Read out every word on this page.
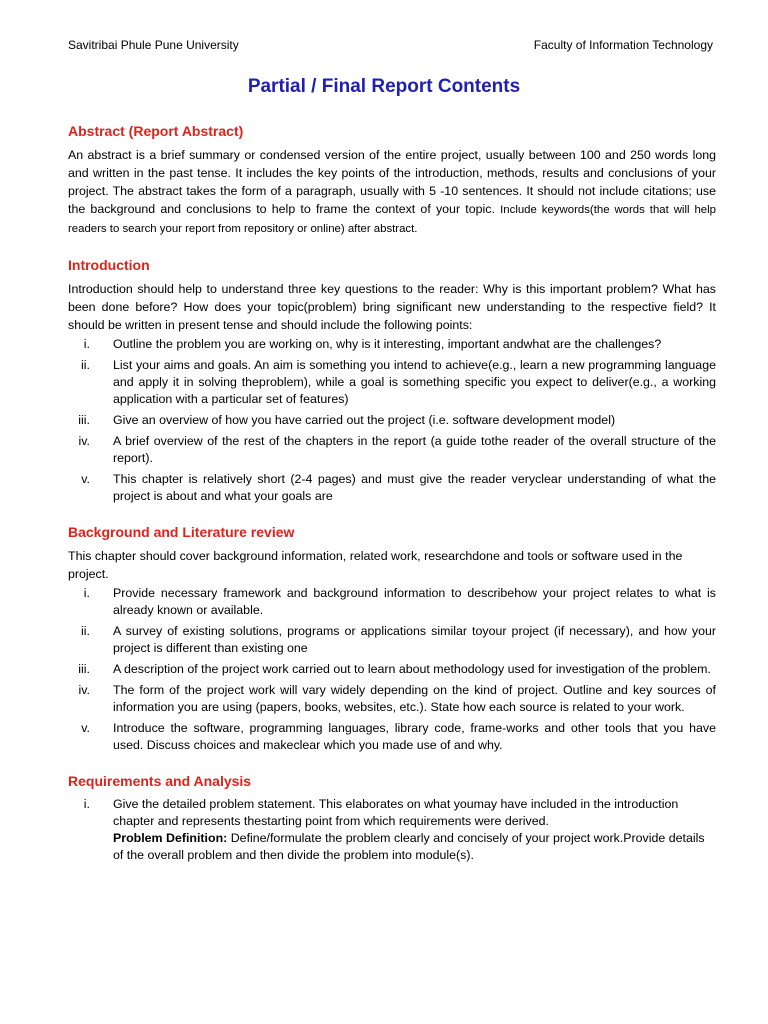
Savitribai Phule Pune University	Faculty of Information Technology
Partial / Final Report Contents
Abstract (Report Abstract)

An abstract is a brief summary or condensed version of the entire project, usually between 100 and 250 words long and written in the past tense. It includes the key points of the introduction, methods, results and conclusions of your project. The abstract takes the form of a paragraph, usually with 5 -10 sentences. It should not include citations; use the background and conclusions to help to frame the context of your topic. Include keywords(the words that will help readers to search your report from repository or online) after abstract.

Introduction

Introduction should help to understand three key questions to the reader: Why is this important problem? What has been done before? How does your topic(problem) bring significant new understanding to the respective field? It should be written in present tense and should include the following points:

i. Outline the problem you are working on, why is it interesting, important andwhat are the challenges?
ii. List your aims and goals. An aim is something you intend to achieve(e.g., learn a new programming language and apply it in solving theproblem), while a goal is something specific you expect to deliver(e.g., a working application with a particular set of features)
iii. Give an overview of how you have carried out the project (i.e. software development model)
iv. A brief overview of the rest of the chapters in the report (a guide tothe reader of the overall structure of the report).
v. This chapter is relatively short (2-4 pages) and must give the reader veryclear understanding of what the project is about and what your goals are
Background and Literature review

This chapter should cover background information, related work, researchdone and tools or software used in the project.

i. Provide necessary framework and background information to describehow your project relates to what is already known or available.
ii. A survey of existing solutions, programs or applications similar toyour project (if necessary), and how your project is different than existing one
iii. A description of the project work carried out to learn about methodology used for investigation of the problem.
iv. The form of the project work will vary widely depending on the kind of project. Outline and key sources of information you are using (papers, books, websites, etc.). State how each source is related to your work.
v. Introduce the software, programming languages, library code, frame-works and other tools that you have used. Discuss choices and makeclear which you made use of and why.
Requirements and Analysis
i. Give the detailed problem statement. This elaborates on what youmay have included in the introduction chapter and represents thestarting point from which requirements were derived.
Problem Definition: Define/formulate the problem clearly and concisely of your project work.Provide details of the overall problem and then divide the problem into module(s).
